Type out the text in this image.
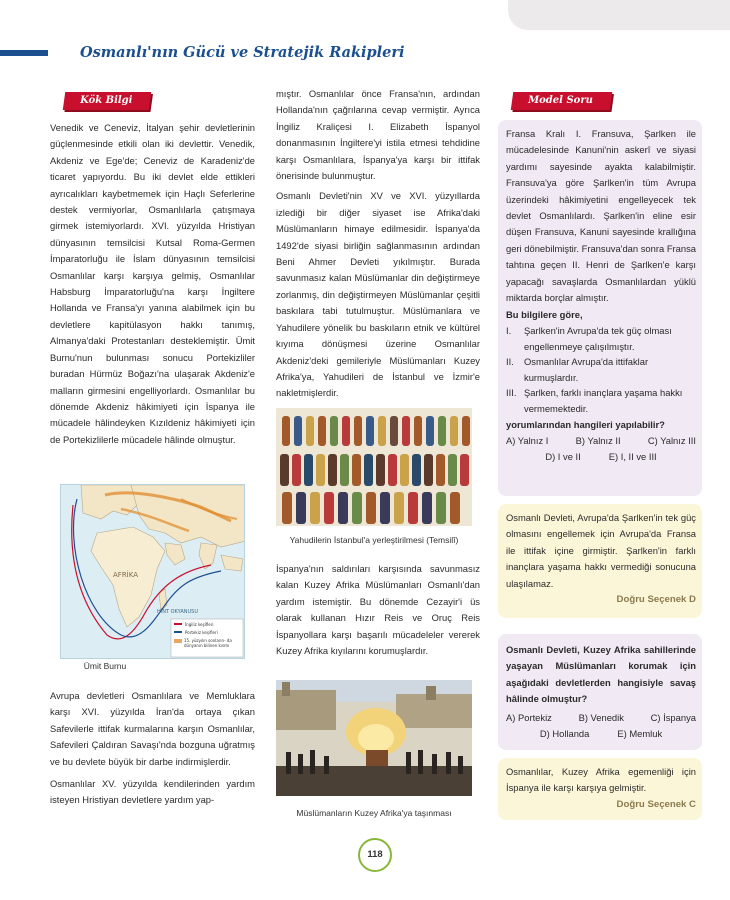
Osmanlı'nın Gücü ve Stratejik Rakipleri
Kök Bilgi

Venedik ve Ceneviz, İtalyan şehir devletlerinin güçlenmesinde etkili olan iki devlettir. Venedik, Akdeniz ve Ege'de; Ceneviz de Karadeniz'de ticaret yapıyordu. Bu iki devlet elde ettikleri ayrıcalıkları kaybetmemek için Haçlı Seferlerine destek vermiyorlar, Osmanlılarla çatışmaya girmek istemiyorlardı. XVI. yüzyılda Hristiyan dünyasının temsilcisi Kutsal Roma-Germen İmparatorluğu ile İslam dünyasının temsilcisi Osmanlılar karşı karşıya gelmiş, Osmanlılar Habsburg İmparatorluğu'na karşı İngiltere Hollanda ve Fransa'yı yanına alabilmek için bu devletlere kapitülasyon hakkı tanımış, Almanya'daki Protestanları desteklemiştir. Ümit Burnu'nun bulunması sonucu Portekizliler buradan Hürmüz Boğazı'na ulaşarak Akdeniz'e malların girmesini engelliyorlardı. Osmanlılar bu dönemde Akdeniz hâkimiyeti için İspanya ile mücadele hâlindeyken Kızıldeniz hâkimiyeti için de Portekizlilerle mücadele hâlinde olmuştur.

AFRİKA
HİNT OKYANUSU
İngiliz keşifleri
Portekiz keşifleri
15. yüzyılın sonların- da dünyanın bilinen kısmı
Ümit Burnu

Avrupa devletleri Osmanlılara ve Memluklara karşı XVI. yüzyılda İran'da ortaya çıkan Safevilerle ittifak kurmalarına karşın Osmanlılar, Safevileri Çaldıran Savaşı'nda bozguna uğratmış ve bu devlete büyük bir darbe indirmişlerdir.

Osmanlılar XV. yüzyılda kendilerinden yardım isteyen Hristiyan devletlere yardım yap-

mıştır. Osmanlılar önce Fransa'nın, ardından Hollanda'nın çağrılarına cevap vermiştir. Ayrıca İngiliz Kraliçesi I. Elizabeth İspanyol donanmasının İngiltere'yi istila etmesi tehdidine karşı Osmanlılara, İspanya'ya karşı bir ittifak önerisinde bulunmuştur.

Osmanlı Devleti'nin XV ve XVI. yüzyıllarda izlediği bir diğer siyaset ise Afrika'daki Müslümanların himaye edilmesidir. İspanya'da 1492'de siyasi birliğin sağlanmasının ardından Beni Ahmer Devleti yıkılmıştır. Burada savunmasız kalan Müslümanlar din değiştirmeye zorlanmış, din değiştirmeyen Müslümanlar çeşitli baskılara tabi tutulmuştur. Müslümanlara ve Yahudilere yönelik bu baskıların etnik ve kültürel kıyıma dönüşmesi üzerine Osmanlılar Akdeniz'deki gemileriyle Müslümanları Kuzey Afrika'ya, Yahudileri de İstanbul ve İzmir'e nakletmişlerdir.

Yahudilerin İstanbul'a yerleştirilmesi (Temsilî)

İspanya'nın saldırıları karşısında savunmasız kalan Kuzey Afrika Müslümanları Osmanlı'dan yardım istemiştir. Bu dönemde Cezayir'i üs olarak kullanan Hızır Reis ve Oruç Reis İspanyollara karşı başarılı mücadeleler vererek Kuzey Afrika kıyılarını korumuşlardır.

Müslümanların Kuzey Afrika'ya taşınması
Model Soru

Fransa Kralı I. Fransuva, Şarlken ile mücadelesinde Kanuni'nin askerî ve siyasi yardımı sayesinde ayakta kalabilmiştir. Fransuva'ya göre Şarlken'in tüm Avrupa üzerindeki hâkimiyetini engelleyecek tek devlet Osmanlılardı. Şarlken'in eline esir düşen Fransuva, Kanuni sayesinde krallığına geri dönebilmiştir. Fransuva'dan sonra Fransa tahtına geçen II. Henri de Şarlken'e karşı yapacağı savaşlarda Osmanlılardan yüklü miktarda borçlar almıştır.

Bu bilgilere göre,
I.	Şarlken'in Avrupa'da tek güç olması engellenmeye çalışılmıştır.
II.	Osmanlılar Avrupa'da ittifaklar kurmuşlardır.
III. Şarlken, farklı inançlara yaşama hakkı vermemektedir.
yorumlarından hangileri yapılabilir?
A) Yalnız I	B) Yalnız II	C) Yalnız III
D) I ve II	E) I, II ve III

Osmanlı Devleti, Avrupa'da Şarlken'in tek güç olmasını engellemek için Avrupa'da Fransa ile ittifak içine girmiştir. Şarlken'in farklı inançlara yaşama hakkı vermediği sonucuna ulaşılamaz.

Doğru Seçenek D

Osmanlı Devleti, Kuzey Afrika sahillerinde yaşayan Müslümanları korumak için aşağıdaki devletlerden hangisiyle savaş hâlinde olmuştur?

A) Portekiz	B) Venedik	C) İspanya
D) Hollanda	E) Memluk

Osmanlılar, Kuzey Afrika egemenliği için İspanya ile karşı karşıya gelmiştir.

Doğru Seçenek C
118
